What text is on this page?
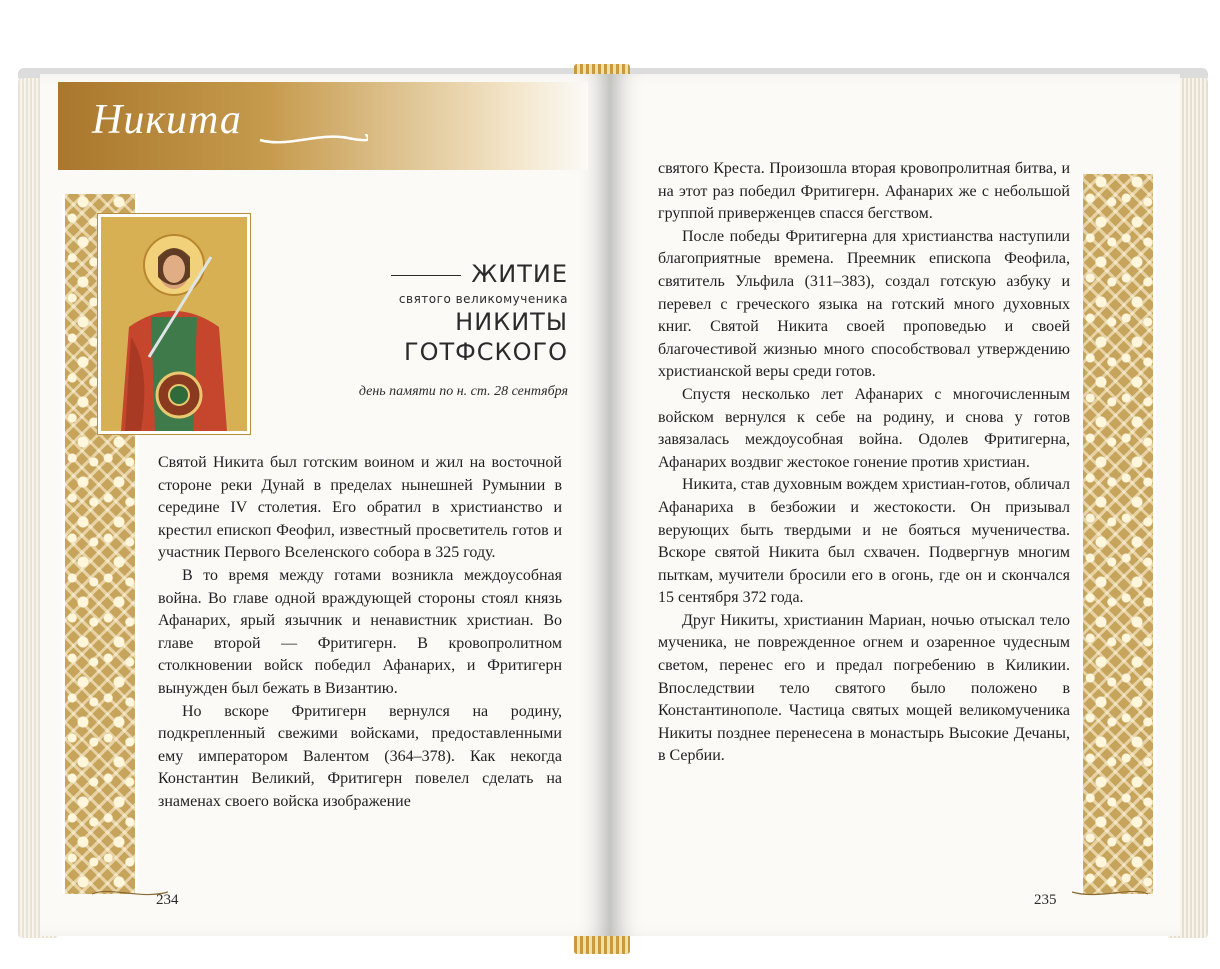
Никита
ЖИТИЕ
святого великомученика
НИКИТЫ
ГОТФСКОГО
день памяти по н. ст. 28 сентября

Святой Никита был готским воином и жил на восточной стороне реки Дунай в пределах нынешней Румынии в середине IV столетия. Его обратил в христианство и крестил епископ Феофил, известный просветитель готов и участник Первого Вселенского собора в 325 году.

В то время между готами возникла междоусобная война. Во главе одной враждующей стороны стоял князь Афанарих, ярый язычник и ненавистник христиан. Во главе второй — Фритигерн. В кровопролитном столкновении войск победил Афанарих, и Фритигерн вынужден был бежать в Византию.

Но вскоре Фритигерн вернулся на родину, подкрепленный свежими войсками, предоставленными ему императором Валентом (364–378). Как некогда Константин Великий, Фритигерн повелел сделать на знаменах своего войска изображение

234

святого Креста. Произошла вторая кровопролитная битва, и на этот раз победил Фритигерн. Афанарих же с небольшой группой приверженцев спасся бегством.

После победы Фритигерна для христианства наступили благоприятные времена. Преемник епископа Феофила, святитель Ульфила (311–383), создал готскую азбуку и перевел с греческого языка на готский много духовных книг. Святой Никита своей проповедью и своей благочестивой жизнью много способствовал утверждению христианской веры среди готов.

Спустя несколько лет Афанарих с многочисленным войском вернулся к себе на родину, и снова у готов завязалась междоусобная война. Одолев Фритигерна, Афанарих воздвиг жестокое гонение против христиан.

Никита, став духовным вождем христиан-готов, обличал Афанариха в безбожии и жестокости. Он призывал верующих быть твердыми и не бояться мученичества. Вскоре святой Никита был схвачен. Подвергнув многим пыткам, мучители бросили его в огонь, где он и скончался 15 сентября 372 года.

Друг Никиты, христианин Мариан, ночью отыскал тело мученика, не поврежденное огнем и озаренное чудесным светом, перенес его и предал погребению в Киликии. Впоследствии тело святого было положено в Константинополе. Частица святых мощей великомученика Никиты позднее перенесена в монастырь Высокие Дечаны, в Сербии.

235
